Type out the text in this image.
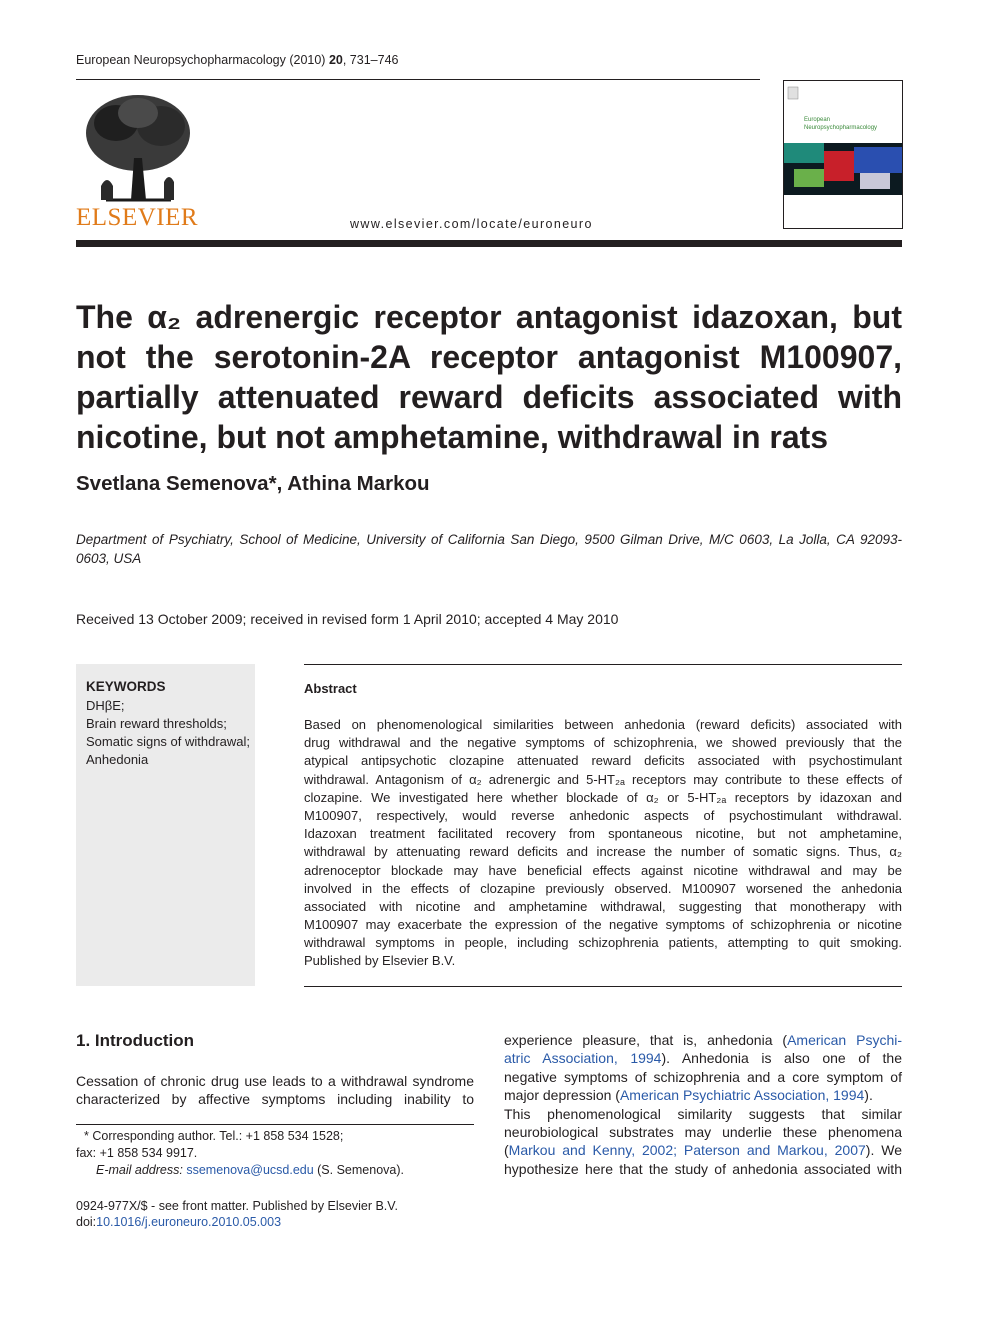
European Neuropsychopharmacology (2010) 20, 731–746
ELSEVIER	www.elsevier.com/locate/euroneuro
European
Neuropsychopharmacology
The α₂ adrenergic receptor antagonist idazoxan, but
not the serotonin-2A receptor antagonist M100907,
partially attenuated reward deficits associated with
nicotine, but not amphetamine, withdrawal in rats
Svetlana Semenova*, Athina Markou
Department of Psychiatry, School of Medicine, University of California San Diego, 9500 Gilman Drive, M/C 0603, La Jolla, CA 92093-0603, USA
Received 13 October 2009; received in revised form 1 April 2010; accepted 4 May 2010
KEYWORDS
DHβE;
Brain reward thresholds;
Somatic signs of withdrawal;
Anhedonia
Abstract
Based on phenomenological similarities between anhedonia (reward deficits) associated with
drug withdrawal and the negative symptoms of schizophrenia, we showed previously that the
atypical antipsychotic clozapine attenuated reward deficits associated with psychostimulant
withdrawal. Antagonism of α₂ adrenergic and 5-HT₂ₐ receptors may contribute to these effects of
clozapine. We investigated here whether blockade of α₂ or 5-HT₂ₐ receptors by idazoxan and
M100907, respectively, would reverse anhedonic aspects of psychostimulant withdrawal.
Idazoxan treatment facilitated recovery from spontaneous nicotine, but not amphetamine,
withdrawal by attenuating reward deficits and increase the number of somatic signs. Thus, α₂
adrenoceptor blockade may have beneficial effects against nicotine withdrawal and may be
involved in the effects of clozapine previously observed. M100907 worsened the anhedonia
associated with nicotine and amphetamine withdrawal, suggesting that monotherapy with
M100907 may exacerbate the expression of the negative symptoms of schizophrenia or nicotine
withdrawal symptoms in people, including schizophrenia patients, attempting to quit smoking.
Published by Elsevier B.V.
1. Introduction
Cessation of chronic drug use leads to a withdrawal syndrome
characterized by affective symptoms including inability to
experience pleasure, that is, anhedonia (American Psychi-
atric Association, 1994). Anhedonia is also one of the
negative symptoms of schizophrenia and a core symptom of
major depression (American Psychiatric Association, 1994).
This phenomenological similarity suggests that similar
neurobiological substrates may underlie these phenomena
(Markou and Kenny, 2002; Paterson and Markou, 2007). We
hypothesize here that the study of anhedonia associated with
* Corresponding author. Tel.: +1 858 534 1528;
fax: +1 858 534 9917.
E-mail address: ssemenova@ucsd.edu (S. Semenova).
0924-977X/$ - see front matter. Published by Elsevier B.V.
doi:10.1016/j.euroneuro.2010.05.003
